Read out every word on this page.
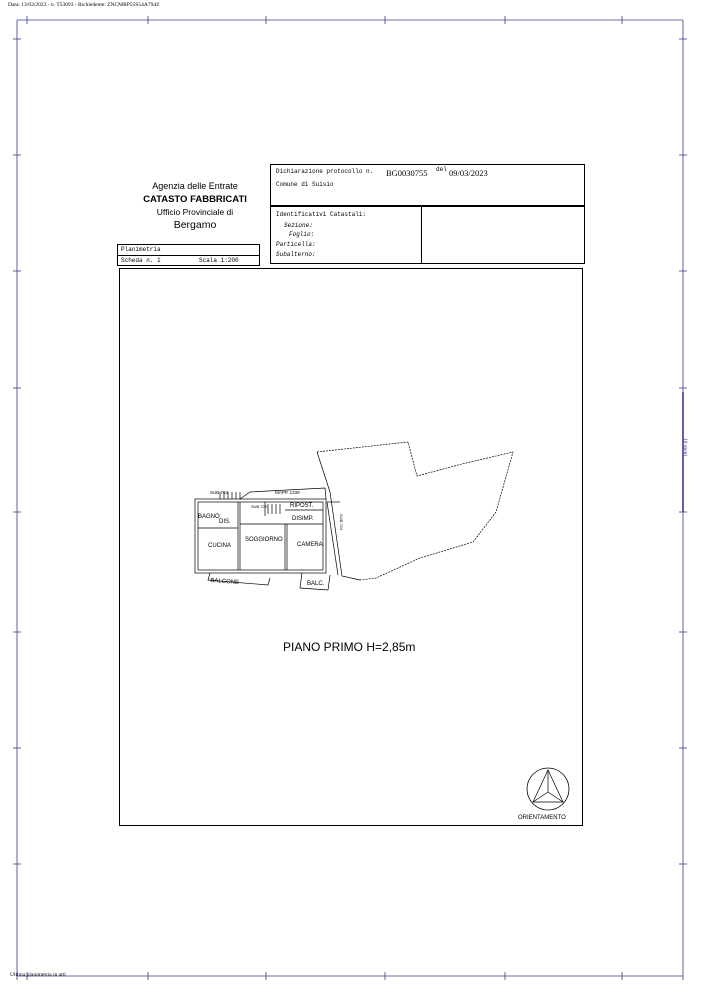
Data: 13/03/2023 - n. T53093 - Richiedente: ZNCMRP55S54A794Z
Ultima planimetria in atti
10 metri
Agenzia delle Entrate
CATASTO FABBRICATI
Ufficio Provinciale di
Bergamo
Dichiarazione protocollo n. BG0030755 del 09/03/2023
Comune di Suisio
Identificativi Catastali:
Sezione:
Foglio:
Particella:
Subalterno:
Planimetria
Scheda n. 1	Scala 1:200
SUB.763
SUB.720
MAPP. 1339
SUB.724
BAGNO
DIS.
CUCINA
SOGGIORNO
CAMERA
RIPOST.
DISIMP.
BALCONE	BALC.
PIANO PRIMO H=2,85m
ORIENTAMENTO
